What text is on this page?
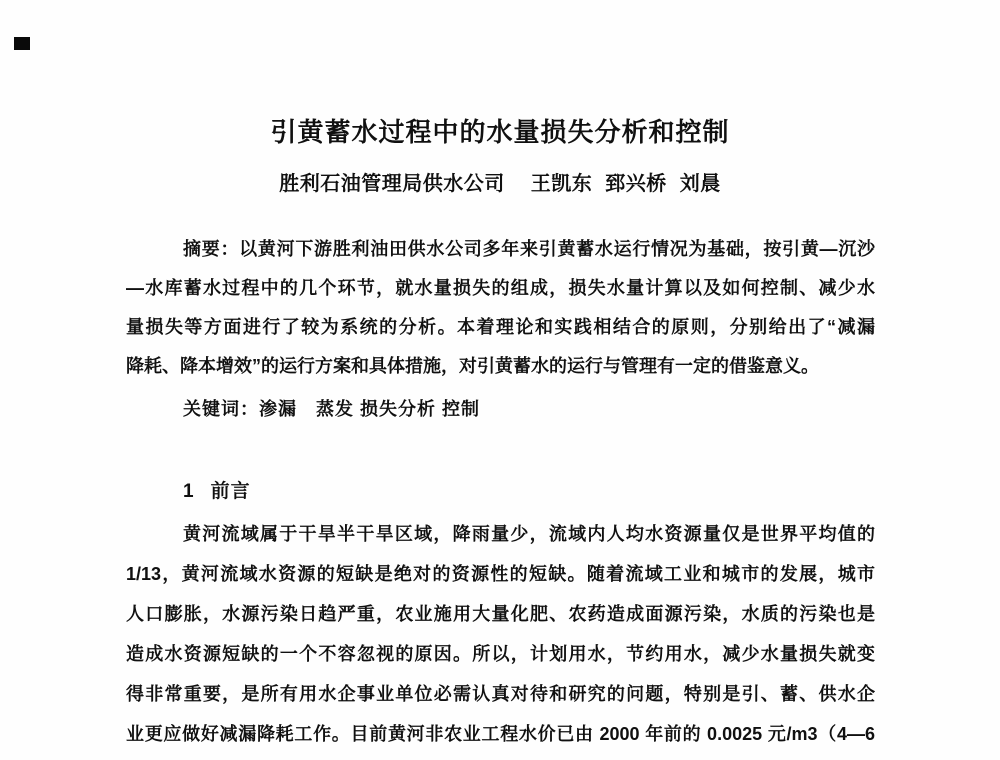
引黄蓄水过程中的水量损失分析和控制
胜利石油管理局供水公司 王凯东 郅兴桥 刘晨
摘要：以黄河下游胜利油田供水公司多年来引黄蓄水运行情况为基础，按引黄—沉沙
—水库蓄水过程中的几个环节，就水量损失的组成，损失水量计算以及如何控制、减少水
量损失等方面进行了较为系统的分析。本着理论和实践相结合的原则，分别给出了“减漏
降耗、降本增效”的运行方案和具体措施，对引黄蓄水的运行与管理有一定的借鉴意义。
关键词：渗漏　蒸发 损失分析 控制
1 前言
黄河流域属于干旱半干旱区域，降雨量少，流域内人均水资源量仅是世界平均值的
1/13，黄河流域水资源的短缺是绝对的资源性的短缺。随着流域工业和城市的发展，城市
人口膨胀，水源污染日趋严重，农业施用大量化肥、农药造成面源污染，水质的污染也是
造成水资源短缺的一个不容忽视的原因。所以，计划用水，节约用水，减少水量损失就变
得非常重要，是所有用水企事业单位必需认真对待和研究的问题，特别是引、蓄、供水企
业更应做好减漏降耗工作。目前黄河非农业工程水价已由 2000 年前的 0.0025 元/m3（4—6
